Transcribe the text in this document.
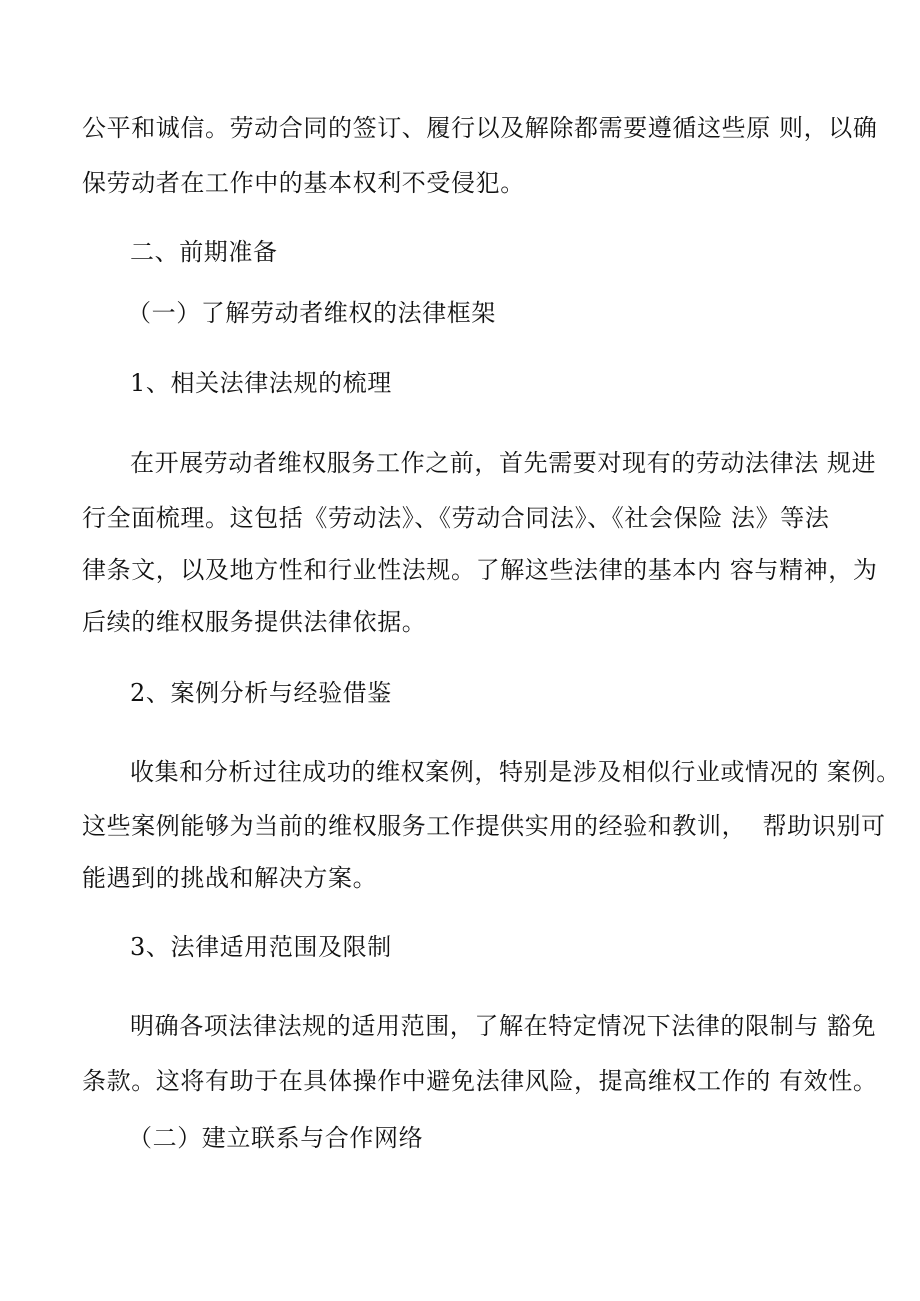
公平和诚信。劳动合同的签订、履行以及解除都需要遵循这些原 则，以确
保劳动者在工作中的基本权利不受侵犯。
二、前期准备
（一）了解劳动者维权的法律框架
1、相关法律法规的梳理
在开展劳动者维权服务工作之前，首先需要对现有的劳动法律法 规进
行全面梳理。这包括《劳动法》、《劳动合同法》、《社会保险 法》等法
律条文，以及地方性和行业性法规。了解这些法律的基本内 容与精神，为
后续的维权服务提供法律依据。
2、案例分析与经验借鉴
收集和分析过往成功的维权案例，特别是涉及相似行业或情况的 案例。
这些案例能够为当前的维权服务工作提供实用的经验和教训，  帮助识别可
能遇到的挑战和解决方案。
3、法律适用范围及限制
明确各项法律法规的适用范围，了解在特定情况下法律的限制与 豁免
条款。这将有助于在具体操作中避免法律风险，提高维权工作的 有效性。
（二）建立联系与合作网络
